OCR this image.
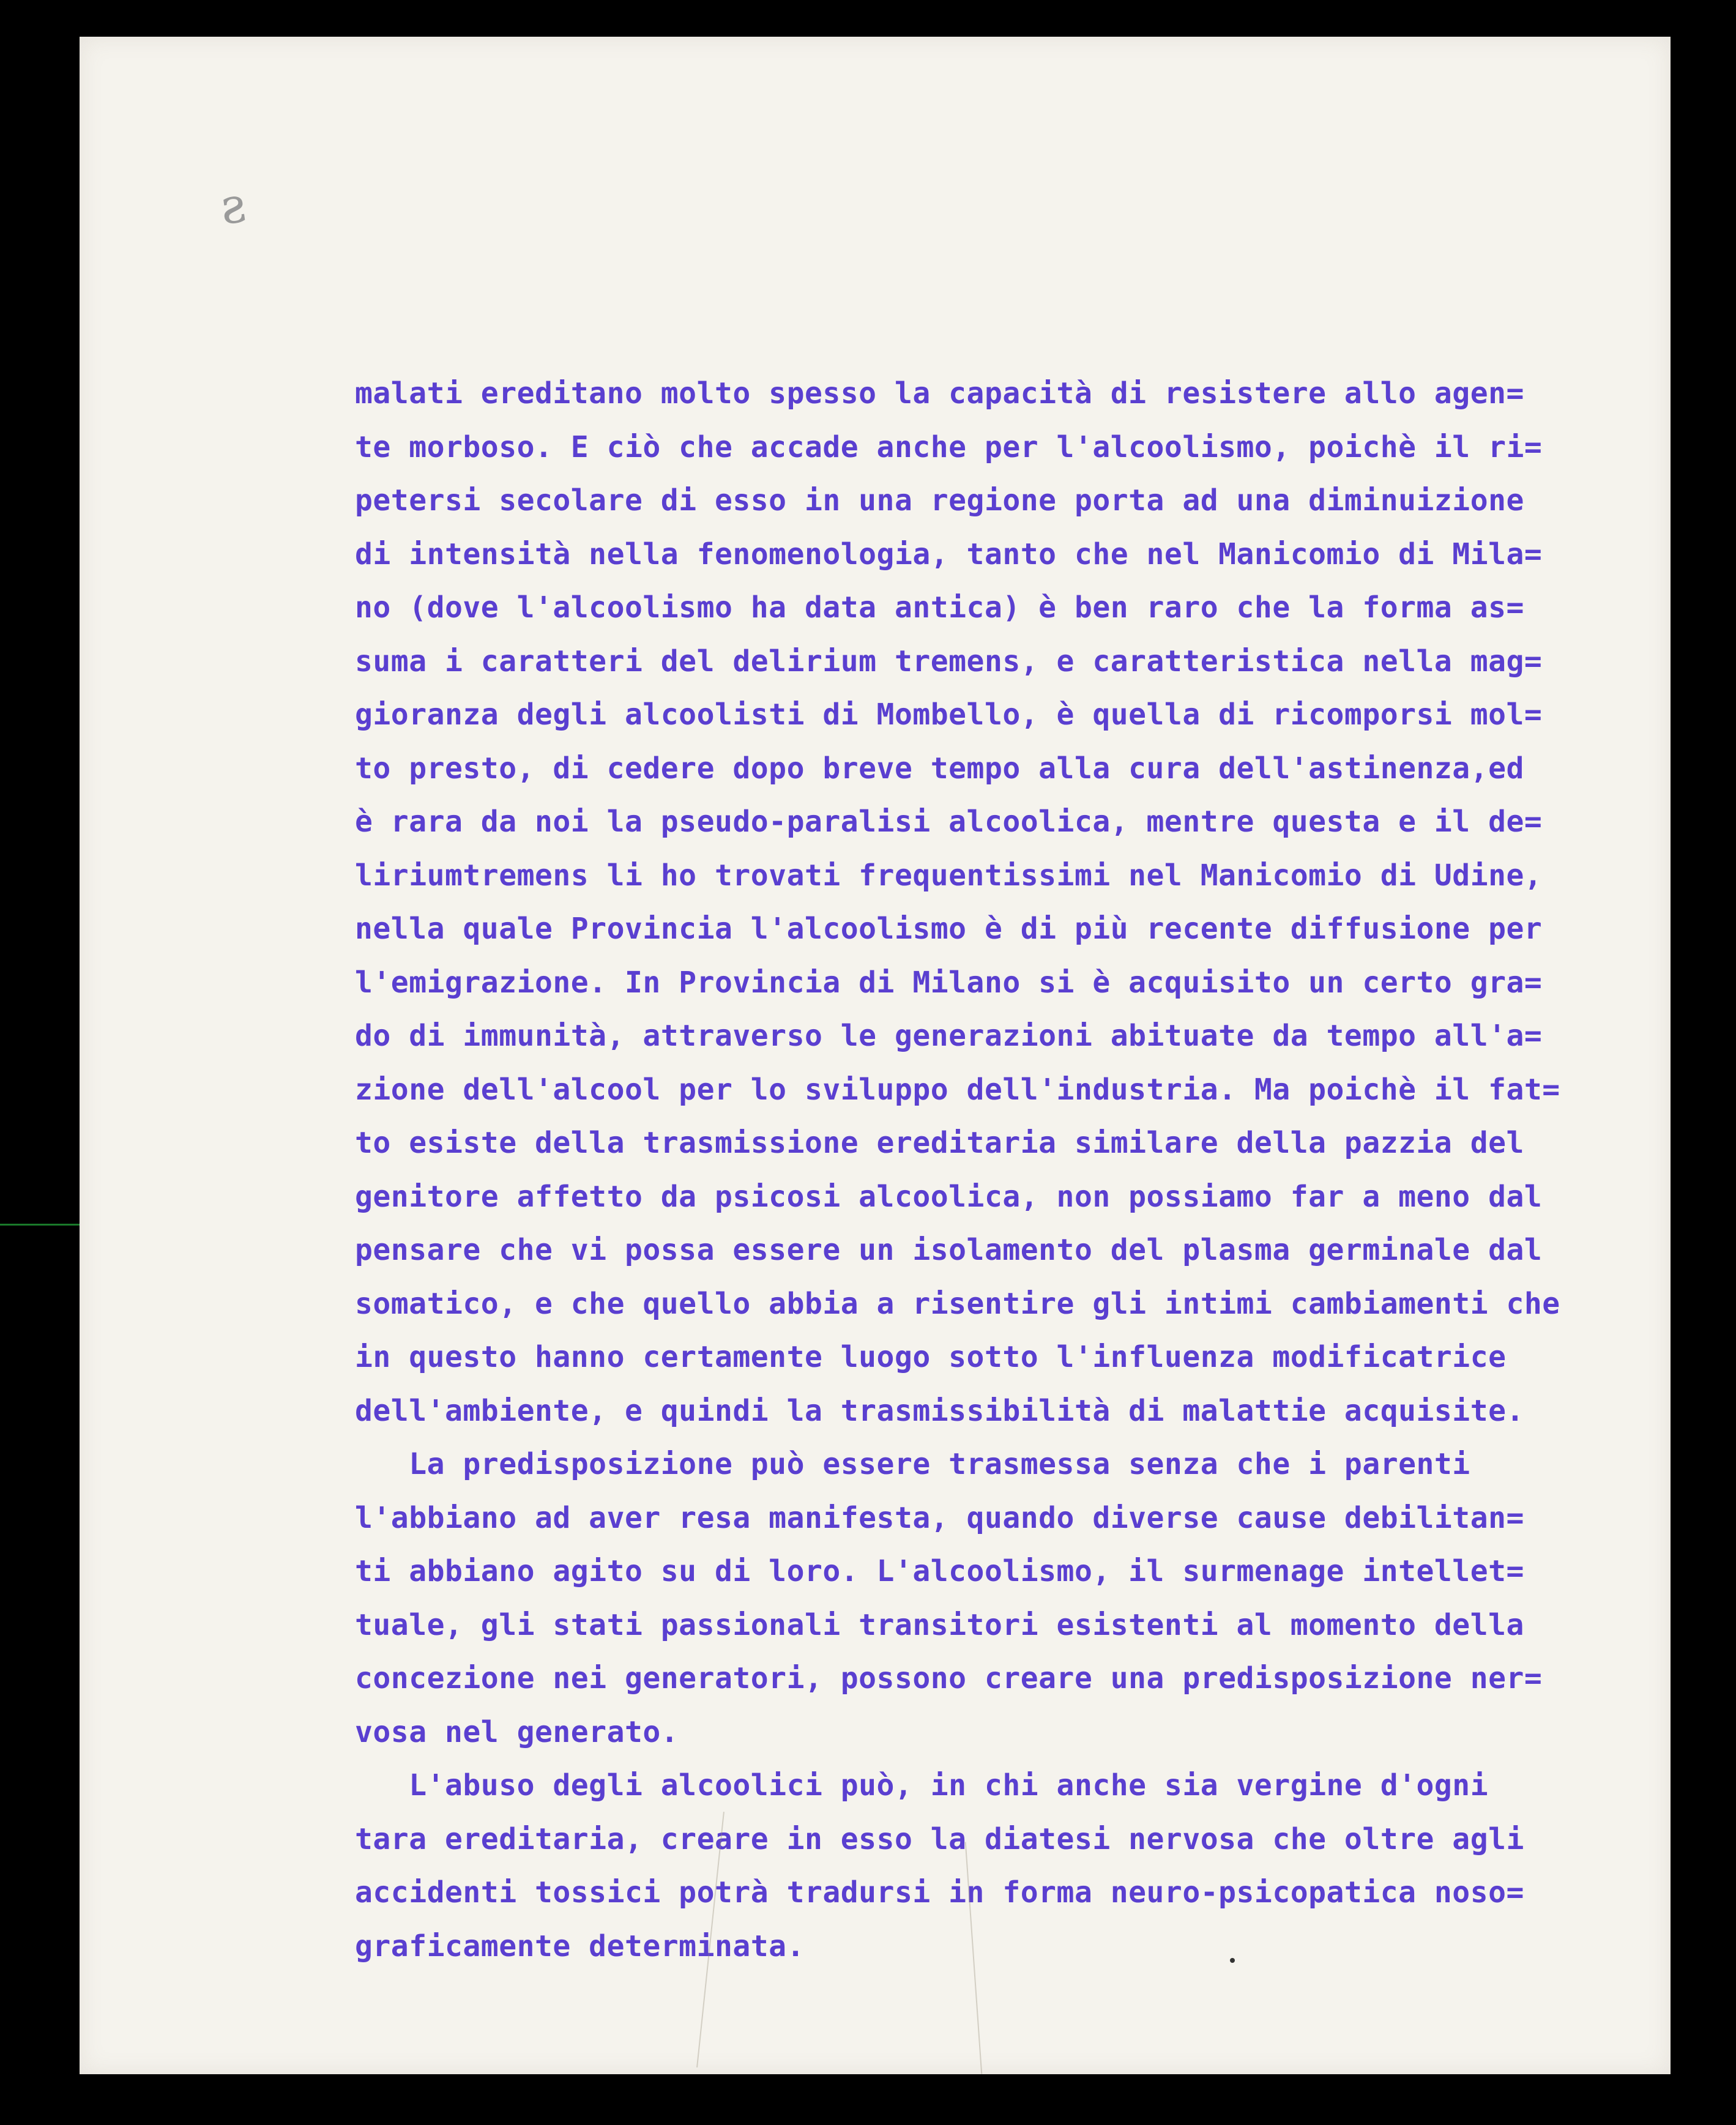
ƨ
malati ereditano molto spesso la capacità di resistere allo agen=
te morboso. E ciò che accade anche per l'alcoolismo, poichè il ri=
petersi secolare di esso in una regione porta ad una diminuizione
di intensità nella fenomenologia, tanto che nel Manicomio di Mila=
no (dove l'alcoolismo ha data antica) è ben raro che la forma as=
suma i caratteri del delirium tremens, e caratteristica nella mag=
gioranza degli alcoolisti di Mombello, è quella di ricomporsi mol=
to presto, di cedere dopo breve tempo alla cura dell'astinenza,ed
è rara da noi la pseudo-paralisi alcoolica, mentre questa e il de=
liriumtremens li ho trovati frequentissimi nel Manicomio di Udine,
nella quale Provincia l'alcoolismo è di più recente diffusione per
l'emigrazione. In Provincia di Milano si è acquisito un certo gra=
do di immunità, attraverso le generazioni abituate da tempo all'a=
zione dell'alcool per lo sviluppo dell'industria. Ma poichè il fat=
to esiste della trasmissione ereditaria similare della pazzia del
genitore affetto da psicosi alcoolica, non possiamo far a meno dal
pensare che vi possa essere un isolamento del plasma germinale dal
somatico, e che quello abbia a risentire gli intimi cambiamenti che
in questo hanno certamente luogo sotto l'influenza modificatrice
dell'ambiente, e quindi la trasmissibilità di malattie acquisite.
La predisposizione può essere trasmessa senza che i parenti
l'abbiano ad aver resa manifesta, quando diverse cause debilitan=
ti abbiano agito su di loro. L'alcoolismo, il surmenage intellet=
tuale, gli stati passionali transitori esistenti al momento della
concezione nei generatori, possono creare una predisposizione ner=
vosa nel generato.
L'abuso degli alcoolici può, in chi anche sia vergine d'ogni
tara ereditaria, creare in esso la diatesi nervosa che oltre agli
accidenti tossici potrà tradursi in forma neuro-psicopatica noso=
graficamente determinata.
